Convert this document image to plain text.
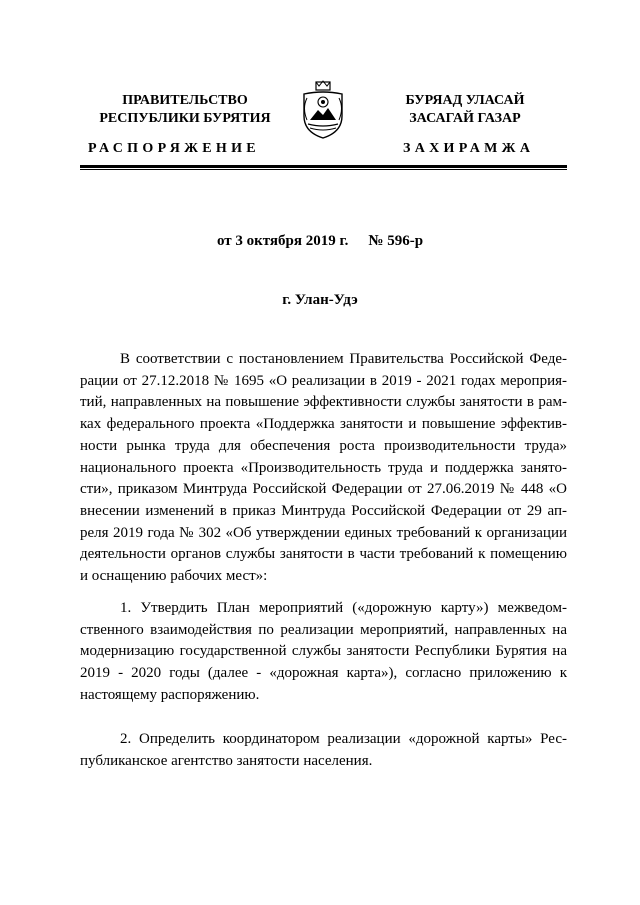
ПРАВИТЕЛЬСТВО
РЕСПУБЛИКИ БУРЯТИЯ
БУРЯАД УЛАСАЙ
ЗАСАГАЙ ГАЗАР
РАСПОРЯЖЕНИЕ	ЗАХИРАМЖА
от 3 октября 2019 г. № 596-р
г. Улан-Удэ

В соответствии с постановлением Правительства Российской Федерации от 27.12.2018 № 1695 «О реализации в 2019 - 2021 годах мероприятий, направленных на повышение эффективности службы занятости в рамках федерального проекта «Поддержка занятости и повышение эффективности рынка труда для обеспечения роста производительности труда» национального проекта «Производительность труда и поддержка занятости», приказом Минтруда Российской Федерации от 27.06.2019 № 448 «О внесении изменений в приказ Минтруда Российской Федерации от 29 апреля 2019 года № 302 «Об утверждении единых требований к организации деятельности органов службы занятости в части требований к помещению и оснащению рабочих мест»:

1. Утвердить План мероприятий («дорожную карту») межведомственного взаимодействия по реализации мероприятий, направленных на модернизацию государственной службы занятости Республики Бурятия на 2019 - 2020 годы (далее - «дорожная карта»), согласно приложению к настоящему распоряжению.

2. Определить координатором реализации «дорожной карты» Республиканское агентство занятости населения.
